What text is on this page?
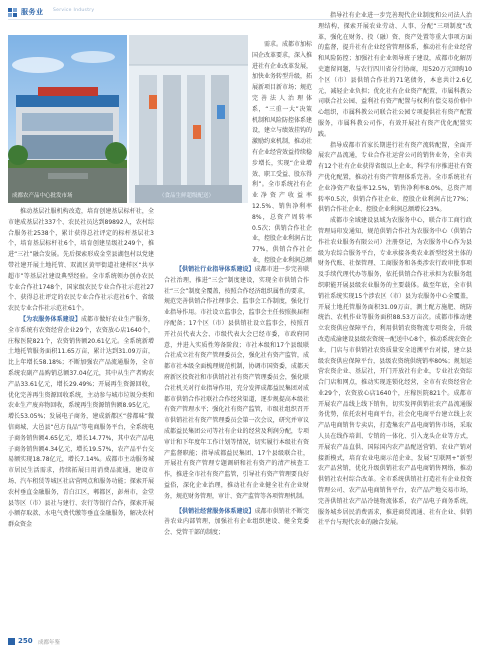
服务业 Service Industry
成都农产品中心批发市场	（食品生鲜超级配送）

需求。成都市加标国企改革要求，深入推进社有企业改革发展，加快业务转型升级，拓展新项目新市场；规范完善法人治理体系，“三重一大”决策机制和风险防控体系建设，建立与绩效挂钩的激励约束机制，推动社有企业经营效益持续稳步增长，实现“企业增效、职工受益、股东得利”。全市系统社有企业净资产收益率12.5%、销售净利率8%，总资产周转率0.5次；供销合作社企业，控股企业利润占比77%，供销合作社企业，控股企业利润总额

推动基层社服机构改造，培育创建基层标杆社，全市建成基层社337个、农民社员达到89892人，农村综合服务社2538个，累计获得总社评定的标杆基层社3个，培育基层标杆社6个，培育创建星级社249个，推进“三社”融合发展。先后探索形成金堂县湖包村以党建带社建开展土地托管、双流区黄甲街道社建样区“共享超市”等基层社建设典型经验。全市系统领办创办农民专业合作社1748个，国家级农民专业合作社示范社27个、获得总社评定的农民专业合作社示范社6个、省级农民专业合作社示范社61个。

【为农服务体系建设】成都市做好农业生产服务，全市系统有农资经营企业29个，农资放心店1640个，庄稼医院821个，农资销售额20.61亿元。全系统新增土地托管服务面积11.65万亩，累计达到31.09万亩，比上年增长58.18%；不断加强农产品流通服务，全市系统农副产品购销总额37.04亿元，其中从生产者购农产品33.61亿元，增长29.49%；开展再生资源回收，优化完善再生资源回收系统，主动参与城市垃圾分类和农业生产废弃物回收，系统再生资源销售额8.95亿元，增长53.05%；发展电子商务，建成新都区“蓉都味”微信商城、大邑县“邑方良品”等电商服务平台，全系统电子商务销售额4.65亿元，增长14.77%，其中农产品电子商务销售额4.34亿元，增长19.57%，农产品平台交易额实现18.78亿元，增长7.14%。成都市主动服务城市居民生活需求，持续拓展日用消费品流通，建设市场、汽车租赁等城区社店营网点和服务功能；探索开展农村垂直金融服务，青白江区，郫都区，彭州市，金堂县等区（市）县社与建行、农行等银行合作，探索开展小额存取款、水电气费代缴等垂直金融服务，解决农村群众资金

【供销社行业指导体系建设】成都市进一步完善联合社治理，推进“三会”制度建设，实现全市供销合作社“三会”制度全覆盖，按照合作经济组织属性的要求，规范完善供销合作社理事会、监事会工作制度，强化行业指导作用。市社设立监事会，监事会主任按照换届程序配备；17个区（市）县供销社设立监事会，按照召开社员代表大会、市级代表大会已经市委，市政府同意，并进入实质性筹备阶段；市社本级和17个县级联合社成立社有资产管理委员会，强化社有资产监管，成都市社本级全面梳理规范机制，协调市国资委，成都天府新区投资社和市供销社社有资产管理委员会，强化联合社机关对行业指导作用，充分发挥成都益民集团对成都市供销合作社联社合作经营渠道，逐步规提高本级社有资产管理水平；强化社有资产监管，市级社组织召开市供销社社有资产管理委员会第一次会议，研究并审议成都益民集团公司等社有企业的经营及利润分配，专项审计和下年度年工作计划等情况，切实履行本级社有资产监督职能；指导成都益民集团、17个县级联合社，开展社有资产管理专题调研和社有资产的清产核查工作，推进全市社有资产监管，引导社有资产管理要良好益俗，深化企业治理，推动社有企业健全社有企业财务，规范财务管理，审计、资产监管等各项管理机制。

【供销社经营服务体系建设】成都市供销社不断完善农业内部管理，加强社有企业组织建设、健全党委会、党管干部的制度；

指导社有企业进一步完善现代企业制度和公司法人治理结构，探索开展农业劳动、人事、分配“三项制度”改革，强化在财务、投（融）资、资产处置等重大事项方面的监督，提升社有企业经营管理体系，推动社有企业经营和风险防控；加强社有企业领导班子建设，成都市化解历史遗留问题，与农行四川省分行协商，用520万元回购10个区（市）县供销合作社的71笔债务，本息共计2.6亿元，减轻企业负担；优化社有企业资产配置，市属科教公司联合社公园、益利社有资产配置与权利有偿交易价格中心组织，市属科教公司联合社公园专项提供社有资产配置服务，市属科教公司作，有效开展社有资产优化配置实践。

指导成都市首家长期进行社有资产流转配置，全面开展农产品流通，专业合作社运营公司的销售业务，全市共有12个社有企业获得省级以上企业，科学有序推进社有资产优化配置，推动社有资产管理体系完善。全市系统社有企业净资产收益率12.5%，销售净利率8.0%，总资产周转率0.5次，供销合作社企业、控股企业利润占比77%；供销合作社企业、控股企业利润总额增长23%。

成都市全域建设县域为农服务中心，联合市工商行政管理局印发通知，规范供销合作社为农服务中心（供销合作社农业服务有限公司）注册登记，为农服务中心作为县级为农综合服务平台，专业承接各类农业新型经营主体的财务代账、社保管理、工商服务和各类涉农行政审批事项及手续代理代办等服务，依托供销合作社承担为农服务组织职能开展县级农业服务的主要载体。截至年底，全市供销社系统实现15个涉农区（市）县为农服务中心全覆盖，开展土地托管服务面积31.09万亩，测土配方施肥、统防统治、农机作业等服务面积88.53万亩次。成都市推动建立农资供应保障平台，利用供销农资物流专项资金，升级改造成渝建设县级农资统一配送中心8个，推动系统农资企业，门店与市供销社农资质量安全追溯平台对接，建立县级农资供应保障平台，县级农资统供统销率80%；规划运营农资企业、基层社，开门开放社有企业，专业社农资综合门店和网点，推动实现连锁化经营，全市有农资经营企业29个，农资放心店1640个，庄稼医院821个。成都市开展农产品线上线下销售，切实发挥供销社农产品流通服务优势，依托农村电商平台，社会化电商平台建立线上农产品电商销售专卖店，打造集农产品电商销售市场，采取人员在线作培训、专销的一体化、引入龙头企业等方式，开展农产品直供、国际国内农产品配送营销、农业产销对接新模式，培育农业电商示范企业，发展“互联网+”新型农产品营销，优化升级供销社农产品电商销售网络，推动供销社农村综合改革。全市系统供销社打造社有企业投资管理公司、农产品电商销售平台，农产品产地交易市场，完善供销社农产品冷链物流体系，农产品电子商务系统，服务城乡居民消费需求，推进商贸流通、社有企业、供销社平台与现代农业的融合发展。

250 成都年鉴
